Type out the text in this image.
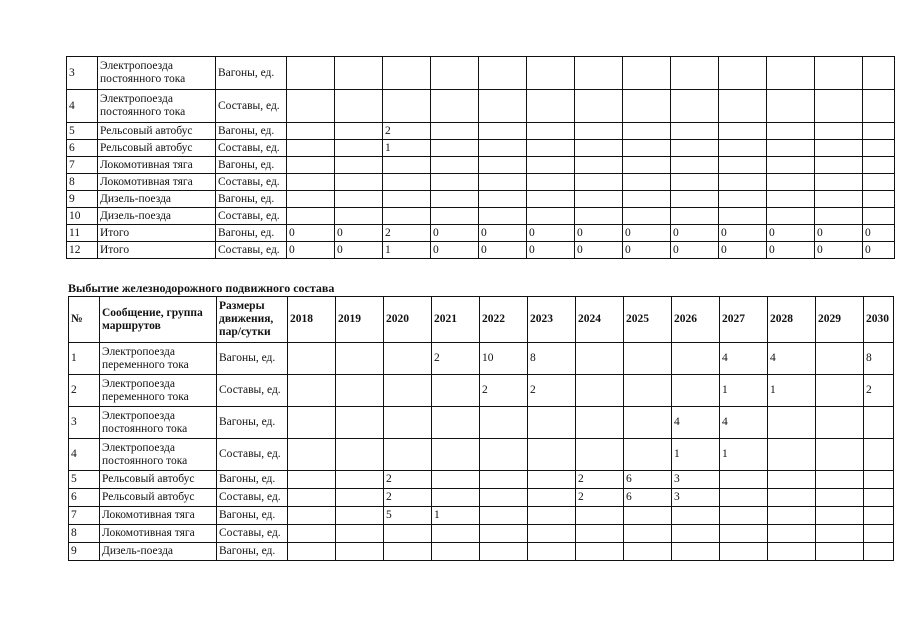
3	Электропоезда постоянного тока	Вагоны, ед.													
4	Электропоезда постоянного тока	Составы, ед.													
5	Рельсовый автобус	Вагоны, ед.			2										
6	Рельсовый автобус	Составы, ед.			1										
7	Локомотивная тяга	Вагоны, ед.													
8	Локомотивная тяга	Составы, ед.													
9	Дизель-поезда	Вагоны, ед.													
10	Дизель-поезда	Составы, ед.													
11	Итого	Вагоны, ед.	0	0	2	0	0	0	0	0	0	0	0	0	0
12	Итого	Составы, ед.	0	0	1	0	0	0	0	0	0	0	0	0	0
Выбытие железнодорожного подвижного состава
№	Сообщение, группа маршрутов	Размеры движения, пар/сутки	2018	2019	2020	2021	2022	2023	2024	2025	2026	2027	2028	2029	2030
1	Электропоезда переменного тока	Вагоны, ед.				2	10	8				4	4		8
2	Электропоезда переменного тока	Составы, ед.					2	2				1	1		2
3	Электропоезда постоянного тока	Вагоны, ед.									4	4			
4	Электропоезда постоянного тока	Составы, ед.									1	1			
5	Рельсовый автобус	Вагоны, ед.			2				2	6	3				
6	Рельсовый автобус	Составы, ед.			2				2	6	3				
7	Локомотивная тяга	Вагоны, ед.			5	1									
8	Локомотивная тяга	Составы, ед.													
9	Дизель-поезда	Вагоны, ед.													
